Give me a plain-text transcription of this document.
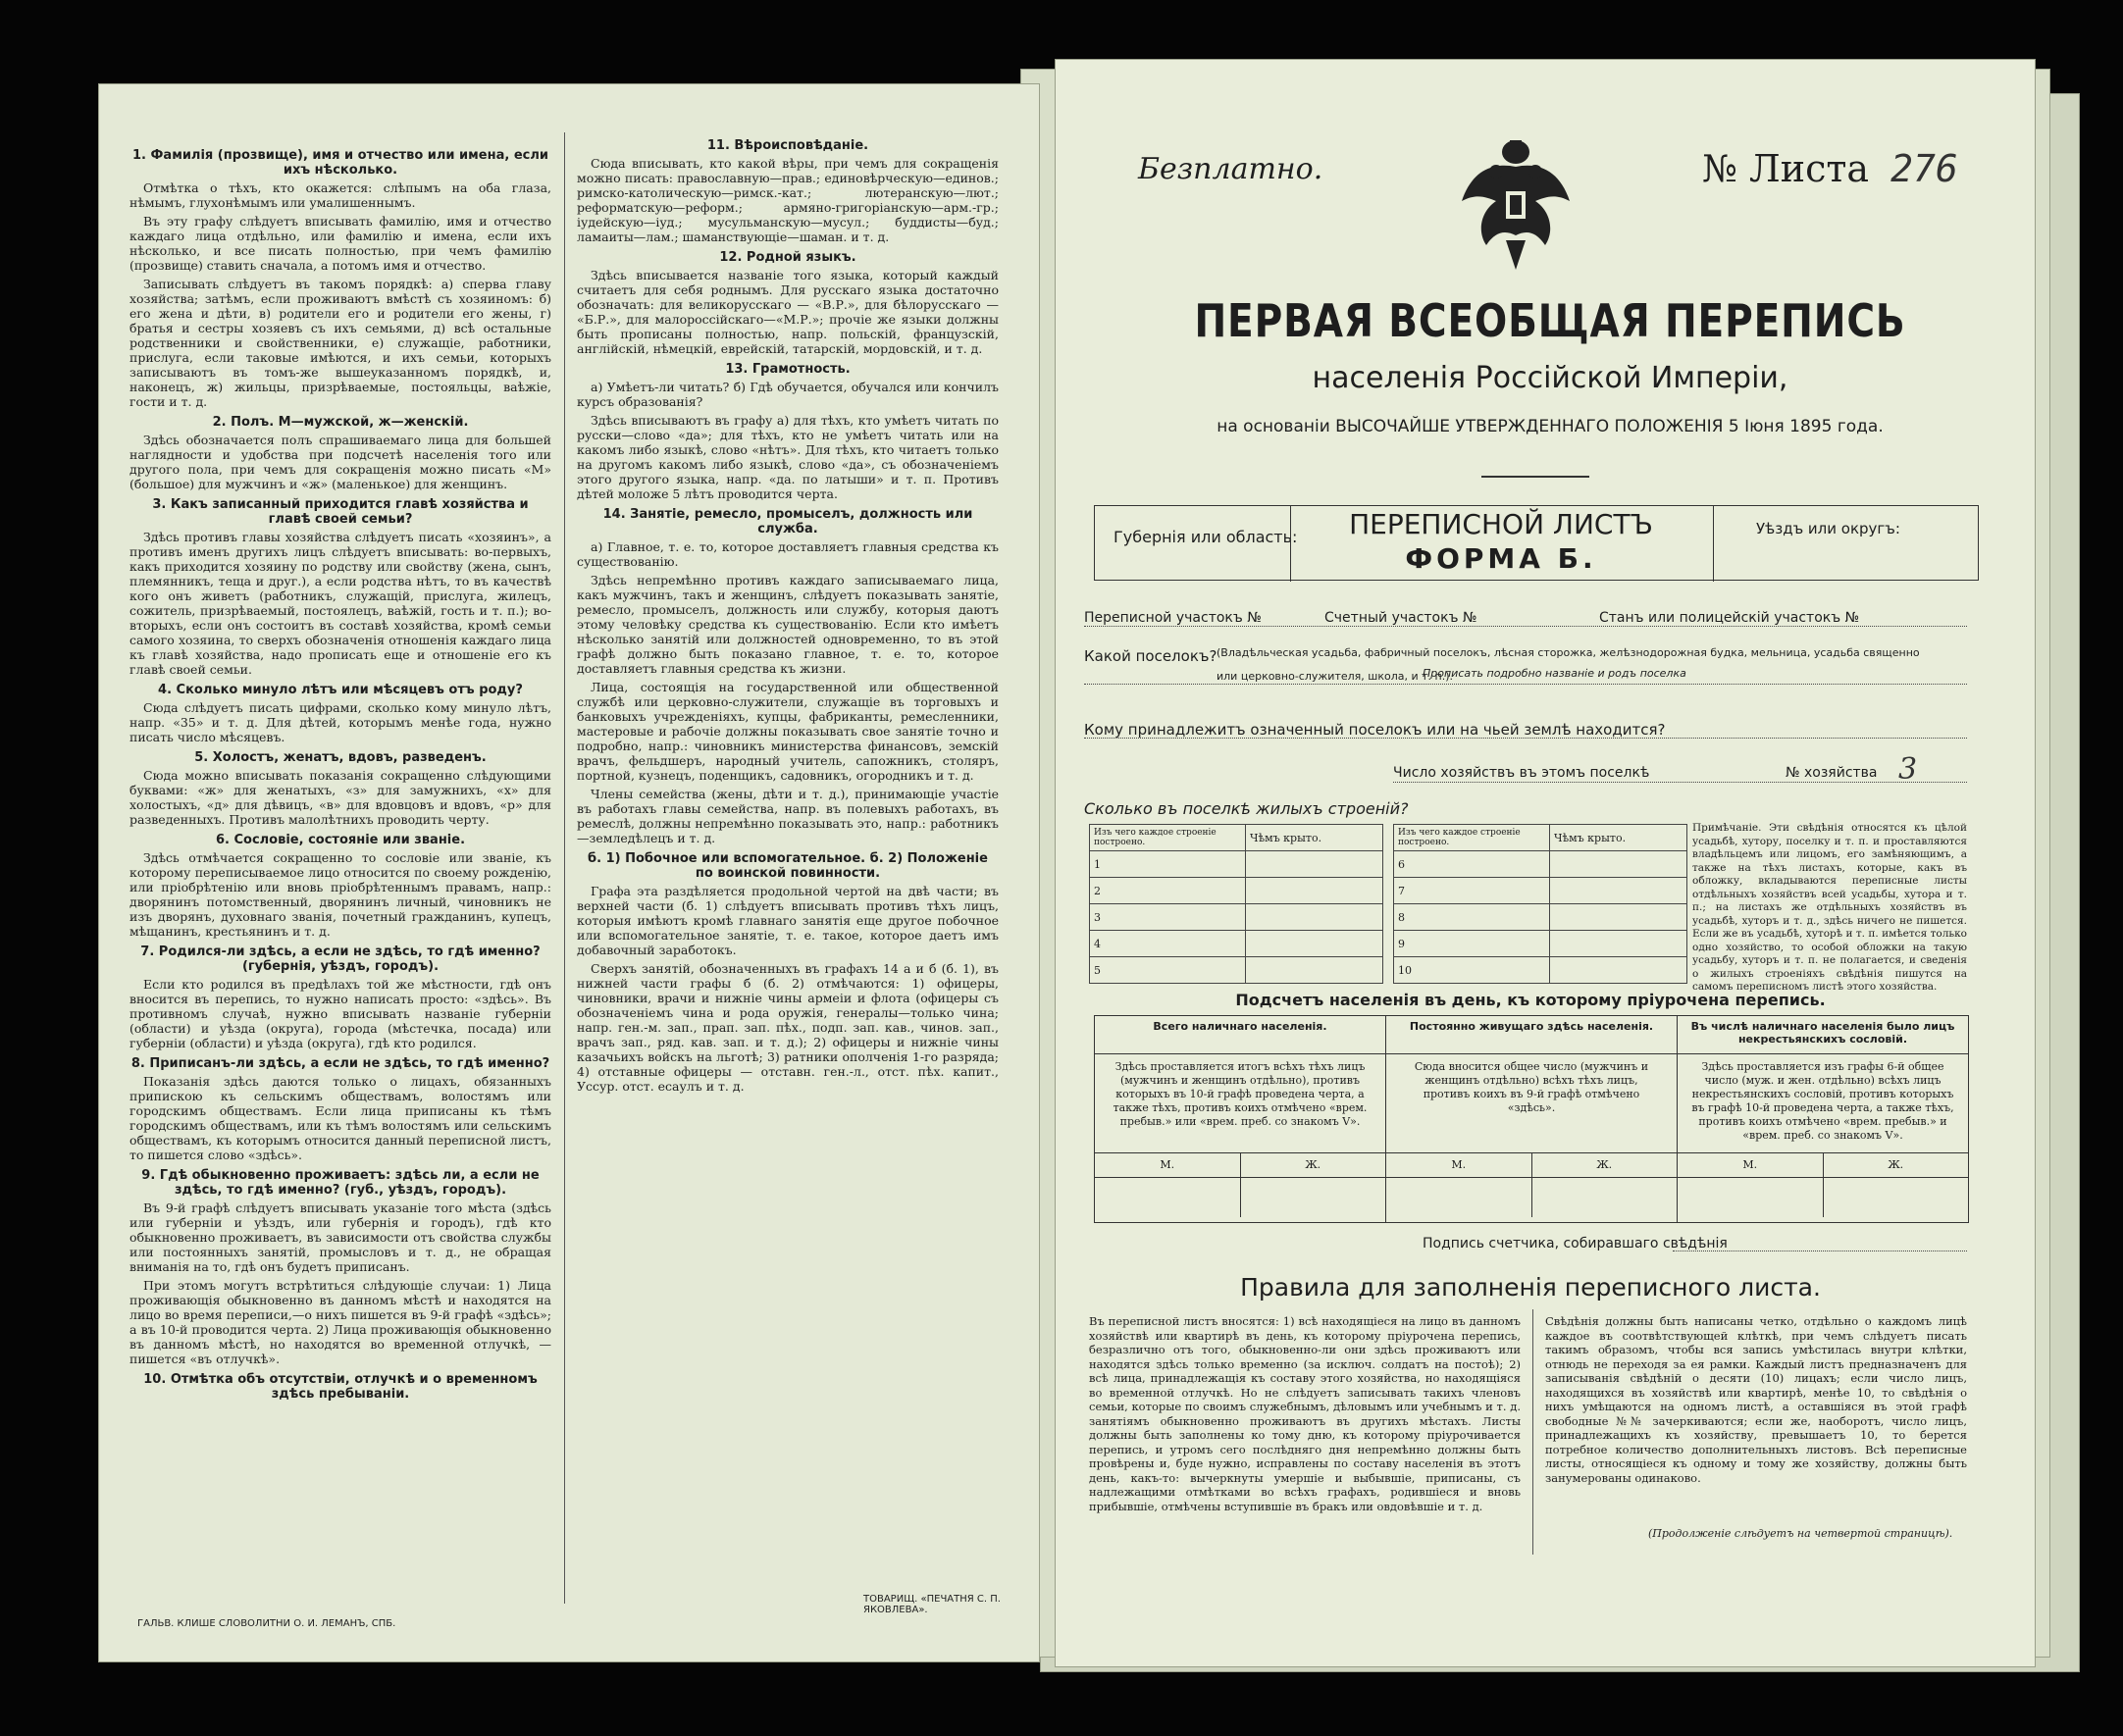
1. Фамилія (прозвище), имя и отчество или имена, если ихъ нѣсколько.

Отмѣтка о тѣхъ, кто окажется: слѣпымъ на оба глаза, нѣмымъ, глухонѣмымъ или умалишеннымъ.

Въ эту графу слѣдуетъ вписывать фамилію, имя и отчество каждаго лица отдѣльно, или фамилію и имена, если ихъ нѣсколько, и все писать полностью, при чемъ фамилію (прозвище) ставить сначала, а потомъ имя и отчество.

Записывать слѣдуетъ въ такомъ порядкѣ: а) сперва главу хозяйства; затѣмъ, если проживаютъ вмѣстѣ съ хозяиномъ: б) его жена и дѣти, в) родители его и родители его жены, г) братья и сестры хозяевъ съ ихъ семьями, д) всѣ остальные родственники и свойственники, е) служащіе, работники, прислуга, если таковые имѣются, и ихъ семьи, которыхъ записываютъ въ томъ-же вышеуказанномъ порядкѣ, и, наконецъ, ж) жильцы, призрѣваемые, постояльцы, ваѣжіе, гости и т. д.

2. Полъ. М—мужской, ж—женскій.

Здѣсь обозначается полъ спрашиваемаго лица для большей наглядности и удобства при подсчетѣ населенія того или другого пола, при чемъ для сокращенія можно писать «М» (большое) для мужчинъ и «ж» (маленькое) для женщинъ.

3. Какъ записанный приходится главѣ хозяйства и главѣ своей семьи?

Здѣсь противъ главы хозяйства слѣдуетъ писать «хозяинъ», а противъ именъ другихъ лицъ слѣдуетъ вписывать: во-первыхъ, какъ приходится хозяину по родству или свойству (жена, сынъ, племянникъ, теща и друг.), а если родства нѣтъ, то въ качествѣ кого онъ живетъ (работникъ, служащій, прислуга, жилецъ, сожитель, призрѣваемый, постоялецъ, ваѣжій, гость и т. п.); во-вторыхъ, если онъ состоитъ въ составѣ хозяйства, кромѣ семьи самого хозяина, то сверхъ обозначенія отношенія каждаго лица къ главѣ хозяйства, надо прописать еще и отношеніе его къ главѣ своей семьи.

4. Сколько минуло лѣтъ или мѣсяцевъ отъ роду?

Сюда слѣдуетъ писать цифрами, сколько кому минуло лѣтъ, напр. «35» и т. д. Для дѣтей, которымъ менѣе года, нужно писать число мѣсяцевъ.

5. Холостъ, женатъ, вдовъ, разведенъ.

Сюда можно вписывать показанія сокращенно слѣдующими буквами: «ж» для женатыхъ, «з» для замужнихъ, «х» для холостыхъ, «д» для дѣвицъ, «в» для вдовцовъ и вдовъ, «р» для разведенныхъ. Противъ малолѣтнихъ проводить черту.

6. Сословіе, состояніе или званіе.

Здѣсь отмѣчается сокращенно то сословіе или званіе, къ которому переписываемое лицо относится по своему рожденію, или пріобрѣтенію или вновь пріобрѣтеннымъ правамъ, напр.: дворянинъ потомственный, дворянинъ личный, чиновникъ не изъ дворянъ, духовнаго званія, почетный гражданинъ, купецъ, мѣщанинъ, крестьянинъ и т. д.

7. Родился-ли здѣсь, а если не здѣсь, то гдѣ именно? (губернія, уѣздъ, городъ).

Если кто родился въ предѣлахъ той же мѣстности, гдѣ онъ вносится въ перепись, то нужно написать просто: «здѣсь». Въ противномъ случаѣ, нужно вписывать названіе губерніи (области) и уѣзда (округа), города (мѣстечка, посада) или губерніи (области) и уѣзда (округа), гдѣ кто родился.

8. Приписанъ-ли здѣсь, а если не здѣсь, то гдѣ именно?

Показанія здѣсь даются только о лицахъ, обязанныхъ припискою къ сельскимъ обществамъ, волостямъ или городскимъ обществамъ. Если лица приписаны къ тѣмъ городскимъ обществамъ, или къ тѣмъ волостямъ или сельскимъ обществамъ, къ которымъ относится данный переписной листъ, то пишется слово «здѣсь».

9. Гдѣ обыкновенно проживаетъ: здѣсь ли, а если не здѣсь, то гдѣ именно? (губ., уѣздъ, городъ).

Въ 9-й графѣ слѣдуетъ вписывать указаніе того мѣста (здѣсь или губерніи и уѣздъ, или губернія и городъ), гдѣ кто обыкновенно проживаетъ, въ зависимости отъ свойства службы или постоянныхъ занятій, промысловъ и т. д., не обращая вниманія на то, гдѣ онъ будетъ приписанъ.

При этомъ могутъ встрѣтиться слѣдующіе случаи: 1) Лица проживающія обыкновенно въ данномъ мѣстѣ и находятся на лицо во время переписи,—о нихъ пишется въ 9-й графѣ «здѣсь»; а въ 10-й проводится черта. 2) Лица проживающія обыкновенно въ данномъ мѣстѣ, но находятся во временной отлучкѣ, — пишется «въ отлучкѣ».

10. Отмѣтка объ отсутствіи, отлучкѣ и о временномъ здѣсь пребываніи.
11. Вѣроисповѣданіе.

Сюда вписывать, кто какой вѣры, при чемъ для сокращенія можно писать: православную—прав.; единовѣрческую—единов.; римско-католическую—римск.-кат.; лютеранскую—лют.; реформатскую—реформ.; армяно-григоріанскую—арм.-гр.; іудейскую—іуд.; мусульманскую—мусул.; буддисты—буд.; ламаиты—лам.; шаманствующіе—шаман. и т. д.

12. Родной языкъ.

Здѣсь вписывается названіе того языка, который каждый считаетъ для себя роднымъ. Для русскаго языка достаточно обозначать: для великорусскаго — «В.Р.», для бѣлорусскаго — «Б.Р.», для малороссійскаго—«М.Р.»; прочіе же языки должны быть прописаны полностью, напр. польскій, французскій, англійскій, нѣмецкій, еврейскій, татарскій, мордовскій, и т. д.

13. Грамотность.

а) Умѣетъ-ли читать? б) Гдѣ обучается, обучался или кончилъ курсъ образованія?

Здѣсь вписываютъ въ графу а) для тѣхъ, кто умѣетъ читать по русски—слово «да»; для тѣхъ, кто не умѣетъ читать или на какомъ либо языкѣ, слово «нѣтъ». Для тѣхъ, кто читаетъ только на другомъ какомъ либо языкѣ, слово «да», съ обозначеніемъ этого другого языка, напр. «да. по латыши» и т. п. Противъ дѣтей моложе 5 лѣтъ проводится черта.

14. Занятіе, ремесло, промыселъ, должность или служба.

а) Главное, т. е. то, которое доставляетъ главныя средства къ существованію.

Здѣсь непремѣнно противъ каждаго записываемаго лица, какъ мужчинъ, такъ и женщинъ, слѣдуетъ показывать занятіе, ремесло, промыселъ, должность или службу, которыя даютъ этому человѣку средства къ существованію. Если кто имѣетъ нѣсколько занятій или должностей одновременно, то въ этой графѣ должно быть показано главное, т. е. то, которое доставляетъ главныя средства къ жизни.

Лица, состоящія на государственной или общественной службѣ или церковно-служители, служащіе въ торговыхъ и банковыхъ учрежденіяхъ, купцы, фабриканты, ремесленники, мастеровые и рабочіе должны показывать свое занятіе точно и подробно, напр.: чиновникъ министерства финансовъ, земскій врачъ, фельдшеръ, народный учитель, сапожникъ, столяръ, портной, кузнецъ, поденщикъ, садовникъ, огородникъ и т. д.

Члены семейства (жены, дѣти и т. д.), принимающіе участіе въ работахъ главы семейства, напр. въ полевыхъ работахъ, въ ремеслѣ, должны непремѣнно показывать это, напр.: работникъ—земледѣлецъ и т. д.

б. 1) Побочное или вспомогательное. б. 2) Положеніе по воинской повинности.

Графа эта раздѣляется продольной чертой на двѣ части; въ верхней части (б. 1) слѣдуетъ вписывать противъ тѣхъ лицъ, которыя имѣютъ кромѣ главнаго занятія еще другое побочное или вспомогательное занятіе, т. е. такое, которое даетъ имъ добавочный заработокъ.

Сверхъ занятій, обозначенныхъ въ графахъ 14 а и б (б. 1), въ нижней части графы б (б. 2) отмѣчаются: 1) офицеры, чиновники, врачи и нижніе чины армеіи и флота (офицеры съ обозначеніемъ чина и рода оружія, генералы—только чина; напр. ген.-м. зап., прап. зап. пѣх., подп. зап. кав., чинов. зап., врачъ зап., ряд. кав. зап. и т. д.); 2) офицеры и нижніе чины казачьихъ войскъ на льготѣ; 3) ратники ополченія 1-го разряда; 4) отставные офицеры — отставн. ген.-л., отст. пѣх. капит., Уссур. отст. есаулъ и т. д.

ГАЛЬВ. КЛИШЕ СЛОВОЛИТНИ О. И. ЛЕМАНЪ, СПБ.
ТОВАРИЩ. «ПЕЧАТНЯ С. П. ЯКОВЛЕВА».
Безплатно.	№ Листа 276
ПЕРВАЯ ВСЕОБЩАЯ ПЕРЕПИСЬ
населенія Россійской Имперіи,
на основаніи ВЫСОЧАЙШЕ УТВЕРЖДЕННАГО ПОЛОЖЕНІЯ 5 Іюня 1895 года.
Губернія или область:	ПЕРЕПИСНОЙ ЛИСТЪ
ФОРМА Б.
Уѣздъ или округъ:
Переписной участокъ №	Счетный участокъ №	Станъ или полицейскій участокъ №
Какой поселокъ? (Владѣльческая усадьба, фабричный поселокъ, лѣсная сторожка, желѣзнодорожная будка, мельница, усадьба священно или церковно-служителя, школа, и т. п.).
Прописать подробно названіе и родъ поселка
Кому принадлежитъ означенный поселокъ или на чьей землѣ находится?
Число хозяйствъ въ этомъ поселкѣ	№ хозяйства 3
Сколько въ поселкѣ жилыхъ строеній?
Изъ чего каждое строеніе построено.	Чѣмъ крыто.
1	
2	
3	
4	
5	
Изъ чего каждое строеніе построено.	Чѣмъ крыто.
6	
7	
8	
9	
10	
Примѣчаніе. Эти свѣдѣнія относятся къ цѣлой усадьбѣ, хутору, поселку и т. п. и проставляются владѣльцемъ или лицомъ, его замѣняющимъ, а также на тѣхъ листахъ, которые, какъ въ обложку, вкладываются переписные листы отдѣльныхъ хозяйствъ всей усадьбы, хутора и т. п.; на листахъ же отдѣльныхъ хозяйствъ въ усадьбѣ, хуторъ и т. д., здѣсь ничего не пишется. Если же въ усадьбѣ, хуторѣ и т. п. имѣется только одно хозяйство, то особой обложки на такую усадьбу, хуторъ и т. п. не полагается, и сведенія о жилыхъ строеніяхъ свѣдѣнія пишутся на самомъ переписномъ листѣ этого хозяйства.
Подсчетъ населенія въ день, къ которому пріурочена перепись.
Всего наличнаго населенія.
Здѣсь проставляется итогъ всѣхъ тѣхъ лицъ (мужчинъ и женщинъ отдѣльно), противъ которыхъ въ 10-й графѣ проведена черта, а также тѣхъ, противъ коихъ отмѣчено «врем. пребыв.» или «врем. преб. со знакомъ V».
М.	Ж.
Постоянно живущаго здѣсь населенія.
Сюда вносится общее число (мужчинъ и женщинъ отдѣльно) всѣхъ тѣхъ лицъ, противъ коихъ въ 9-й графѣ отмѣчено «здѣсь».
М.	Ж.
Въ числѣ наличнаго населенія было лицъ некрестьянскихъ сословій.
Здѣсь проставляется изъ графы 6-й общее число (муж. и жен. отдѣльно) всѣхъ лицъ некрестьянскихъ сословій, противъ которыхъ въ графѣ 10-й проведена черта, а также тѣхъ, противъ коихъ отмѣчено «врем. пребыв.» и «врем. преб. со знакомъ V».
М.	Ж.
Подпись счетчика, собиравшаго свѣдѣнія
Правила для заполненія переписного листа.
Въ переписной листъ вносятся: 1) всѣ находящіеся на лицо въ данномъ хозяйствѣ или квартирѣ въ день, къ которому пріурочена перепись, безразлично отъ того, обыкновенно-ли они здѣсь проживаютъ или находятся здѣсь только временно (за исключ. солдатъ на постоѣ); 2) всѣ лица, принадлежащія къ составу этого хозяйства, но находящіяся во временной отлучкѣ. Но не слѣдуетъ записывать такихъ членовъ семьи, которые по своимъ служебнымъ, дѣловымъ или учебнымъ и т. д. занятіямъ обыкновенно проживаютъ въ другихъ мѣстахъ. Листы должны быть заполнены ко тому дню, къ которому пріурочивается перепись, и утромъ сего послѣдняго дня непремѣнно должны быть провѣрены и, буде нужно, исправлены по составу населенія въ этотъ день, какъ-то: вычеркнуты умершіе и выбывшіе, приписаны, съ надлежащими отмѣтками во всѣхъ графахъ, родившіеся и вновь прибывшіе, отмѣчены вступившіе въ бракъ или овдовѣвшіе и т. д.
Свѣдѣнія должны быть написаны четко, отдѣльно о каждомъ лицѣ каждое въ соотвѣтствующей клѣткѣ, при чемъ слѣдуетъ писать такимъ образомъ, чтобы вся запись умѣстилась внутри клѣтки, отнюдь не переходя за ея рамки. Каждый листъ предназначенъ для записыванія свѣдѣній о десяти (10) лицахъ; если число лицъ, находящихся въ хозяйствѣ или квартирѣ, менѣе 10, то свѣдѣнія о нихъ умѣщаются на одномъ листѣ, а оставшіяся въ этой графѣ свободные №№ зачеркиваются; если же, наоборотъ, число лицъ, принадлежащихъ къ хозяйству, превышаетъ 10, то берется потребное количество дополнительныхъ листовъ. Всѣ переписные листы, относящіеся къ одному и тому же хозяйству, должны быть занумерованы одинаково.
(Продолженіе слѣдуетъ на четвертой страницѣ).
